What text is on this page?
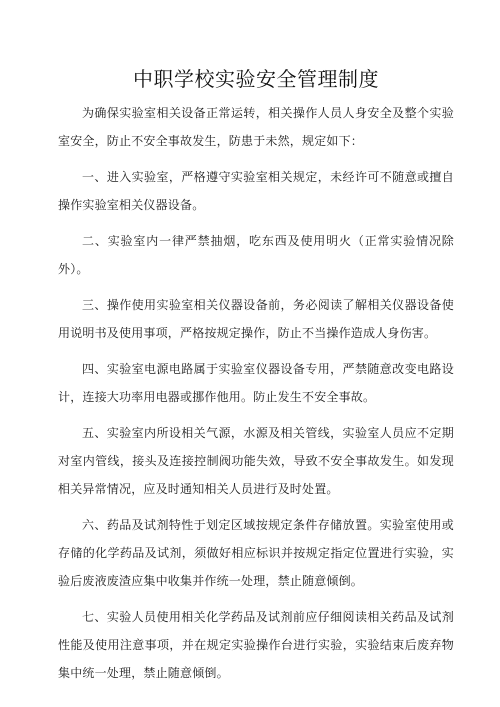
中职学校实验安全管理制度

为确保实验室相关设备正常运转，相关操作人员人身安全及整个实验室安全，防止不安全事故发生，防患于未然，规定如下：

一、进入实验室，严格遵守实验室相关规定，未经许可不随意或擅自操作实验室相关仪器设备。

二、实验室内一律严禁抽烟，吃东西及使用明火（正常实验情况除外）。

三、操作使用实验室相关仪器设备前，务必阅读了解相关仪器设备使用说明书及使用事项，严格按规定操作，防止不当操作造成人身伤害。

四、实验室电源电路属于实验室仪器设备专用，严禁随意改变电路设计，连接大功率用电器或挪作他用。防止发生不安全事故。

五、实验室内所设相关气源，水源及相关管线，实验室人员应不定期对室内管线，接头及连接控制阀功能失效，导致不安全事故发生。如发现相关异常情况，应及时通知相关人员进行及时处置。

六、药品及试剂特性于划定区域按规定条件存储放置。实验室使用或存储的化学药品及试剂，须做好相应标识并按规定指定位置进行实验，实验后废液废渣应集中收集并作统一处理，禁止随意倾倒。

七、实验人员使用相关化学药品及试剂前应仔细阅读相关药品及试剂性能及使用注意事项，并在规定实验操作台进行实验，实验结束后废弃物集中统一处理，禁止随意倾倒。
